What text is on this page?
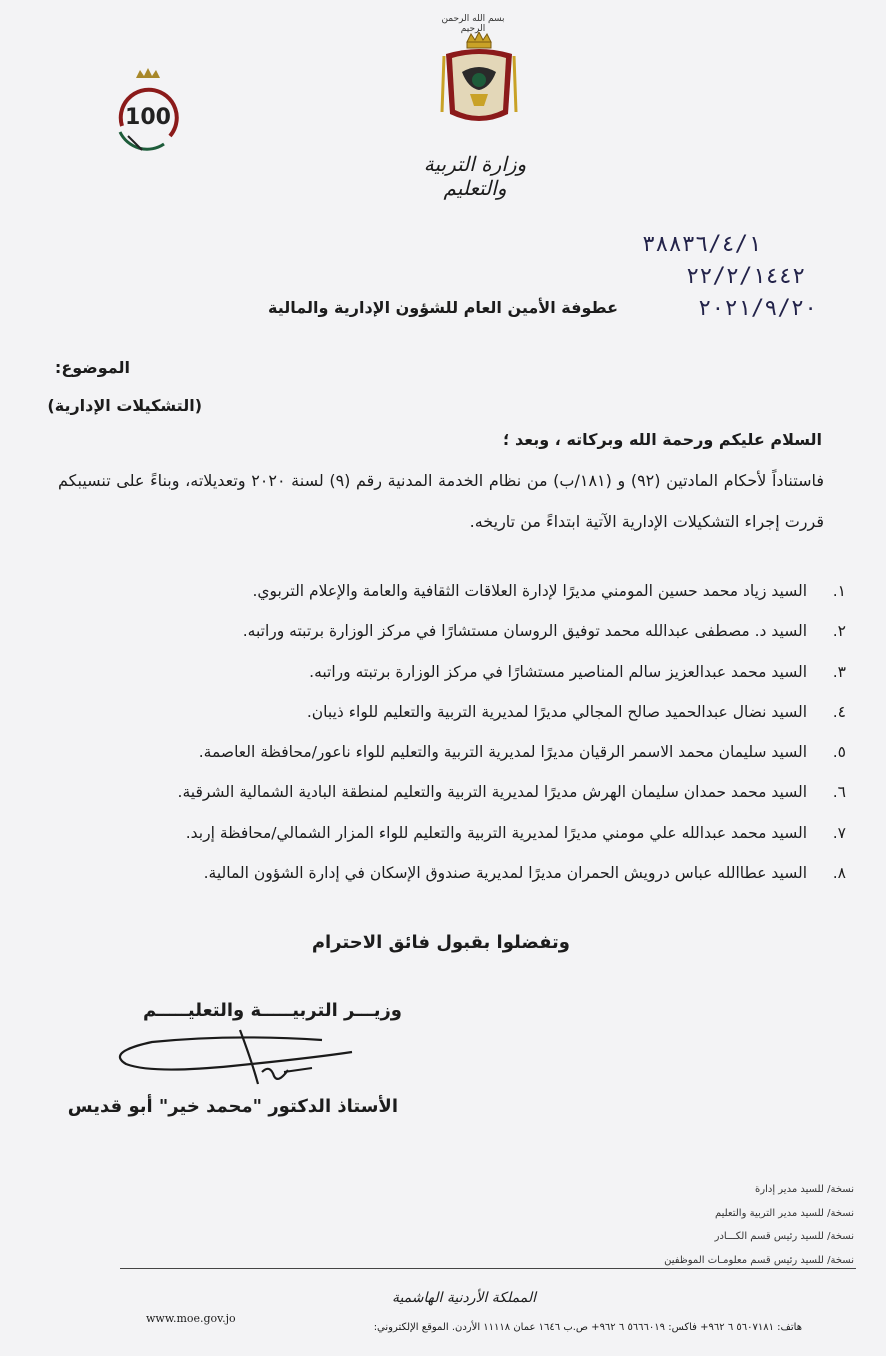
بسم الله الرحمن الرحيم
100
وزارة التربية والتعليم
٣٨٨٣٦/٤/١
٢٢/٢/١٤٤٢
٢٠٢١/٩/٢٠
عطوفة الأمين العام للشؤون الإدارية والمالية
الموضوع:
(التشكيلات الإدارية)
السلام عليكم ورحمة الله وبركاته ، وبعد ؛
فاستناداً لأحكام المادتين (٩٢) و (١٨١/ب) من نظام الخدمة المدنية رقم (٩) لسنة ٢٠٢٠ وتعديلاته، وبناءً على تنسيبكم قررت إجراء التشكيلات الإدارية الآتية ابتداءً من تاريخه.
١. السيد زياد محمد حسين المومني مديرًا لإدارة العلاقات الثقافية والعامة والإعلام التربوي.
٢. السيد د. مصطفى عبدالله محمد توفيق الروسان مستشارًا في مركز الوزارة برتبته وراتبه.
٣. السيد محمد عبدالعزيز سالم المناصير مستشارًا في مركز الوزارة برتبته وراتبه.
٤. السيد نضال عبدالحميد صالح المجالي مديرًا لمديرية التربية والتعليم للواء ذيبان.
٥. السيد سليمان محمد الاسمر الرقيان مديرًا لمديرية التربية والتعليم للواء ناعور/محافظة العاصمة.
٦. السيد محمد حمدان سليمان الهرش مديرًا لمديرية التربية والتعليم لمنطقة البادية الشمالية الشرقية.
٧. السيد محمد عبدالله علي مومني مديرًا لمديرية التربية والتعليم للواء المزار الشمالي/محافظة إربد.
٨. السيد عطاالله عباس درويش الحمران مديرًا لمديرية صندوق الإسكان في إدارة الشؤون المالية.
وتفضلوا بقبول فائق الاحترام
وزيـــر التربيـــــة والتعليـــــم
الأستاذ الدكتور "محمد خير" أبو قديس
نسخة/ للسيد مدير إدارة
نسخة/ للسيد مدير التربية والتعليم
نسخة/ للسيد رئيس قسم الكـــادر
نسخة/ للسيد رئيس قسم معلومـات الموظفين
المملكة الأردنية الهاشمية
هاتف: ٥٦٠٧١٨١ ٦ ٩٦٢+ فاكس: ٥٦٦٦٠١٩ ٦ ٩٦٢+ ص.ب ١٦٤٦ عمان ١١١١٨ الأردن. الموقع الإلكتروني:
www.moe.gov.jo
